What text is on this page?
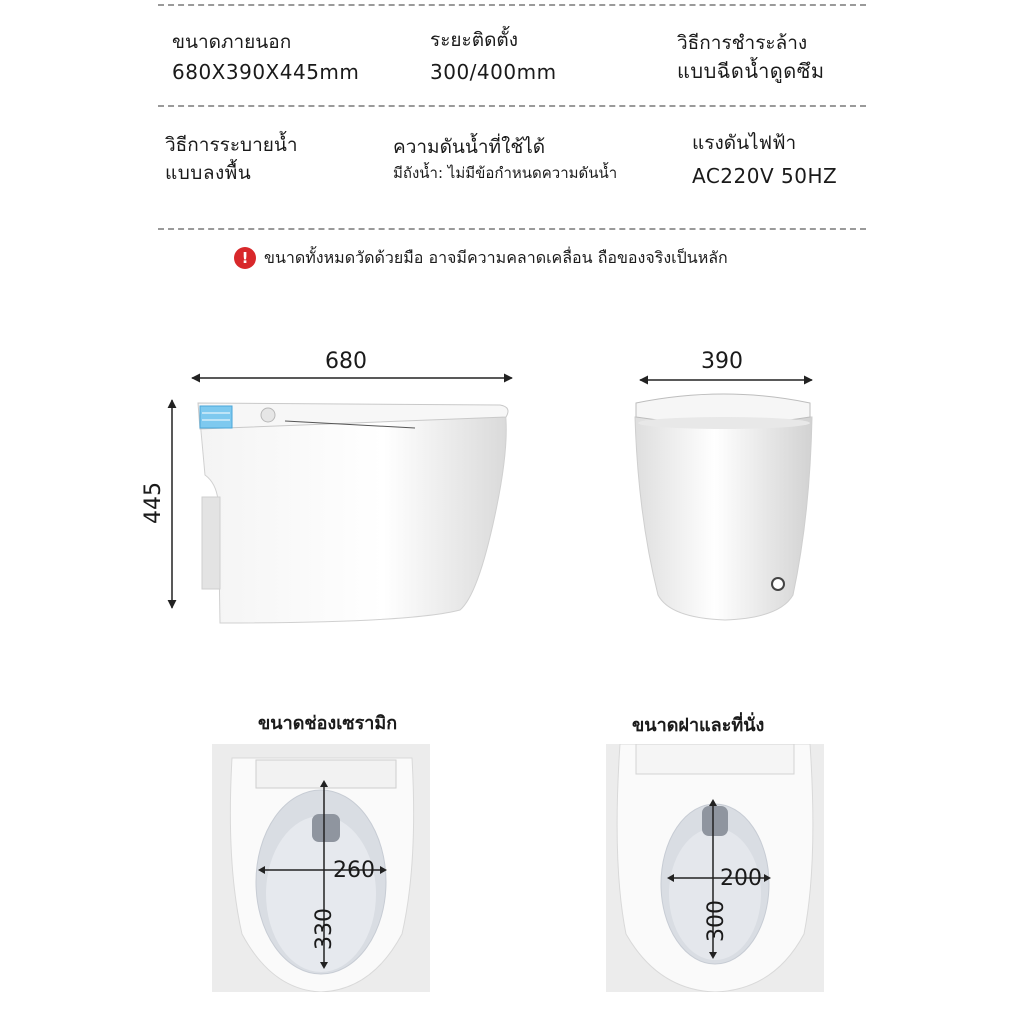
ขนาดภายนอก
680X390X445mm
ระยะติดตั้ง
300/400mm
วิธีการชำระล้าง
แบบฉีดน้ำดูดซึม
วิธีการระบายน้ำ
แบบลงพื้น
ความดันน้ำที่ใช้ได้
มีถังน้ำ: ไม่มีข้อกำหนดความดันน้ำ
แรงดันไฟฟ้า
AC220V 50HZ
! ขนาดทั้งหมดวัดด้วยมือ อาจมีความคลาดเคลื่อน ถือของจริงเป็นหลัก
680
445
390
ขนาดช่องเซรามิก
260
330
ขนาดฝาและที่นั่ง
200
300
